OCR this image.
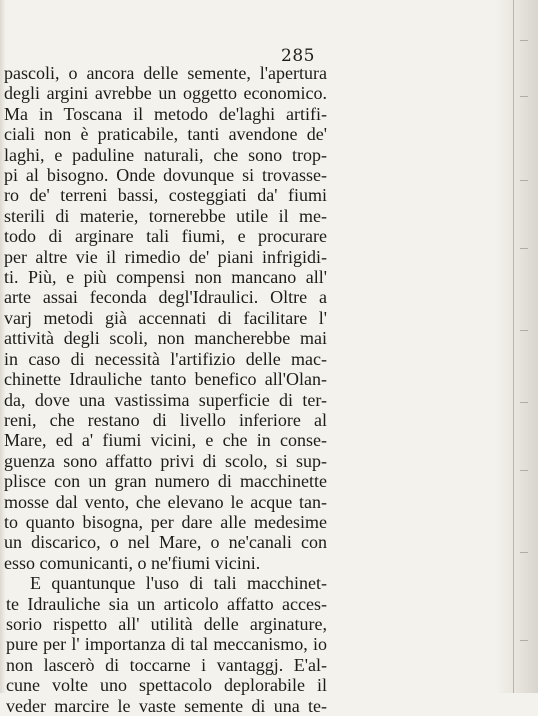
285
pascoli, o ancora delle semente, l'apertura
degli argini avrebbe un oggetto economico.
Ma in Toscana il metodo de'laghi artifi-
ciali non è praticabile, tanti avendone de'
laghi, e paduline naturali, che sono trop-
pi al bisogno. Onde dovunque si trovasse-
ro de' terreni bassi, costeggiati da' fiumi
sterili di materie, tornerebbe utile il me-
todo di arginare tali fiumi, e procurare
per altre vie il rimedio de' piani infrigidi-
ti. Più, e più compensi non mancano all'
arte assai feconda degl'Idraulici. Oltre a
varj metodi già accennati di facilitare l'
attività degli scoli, non mancherebbe mai
in caso di necessità l'artifizio delle mac-
chinette Idrauliche tanto benefico all'Olan-
da, dove una vastissima superficie di ter-
reni, che restano di livello inferiore al
Mare, ed a' fiumi vicini, e che in conse-
guenza sono affatto privi di scolo, si sup-
plisce con un gran numero di macchinette
mosse dal vento, che elevano le acque tan-
to quanto bisogna, per dare alle medesime
un discarico, o nel Mare, o ne'canali con
esso comunicanti, o ne'fiumi vicini.
E quantunque l'uso di tali macchinet-
te Idrauliche sia un articolo affatto acces-
sorio rispetto all' utilità delle arginature,
pure per l' importanza di tal meccanismo, io
non lascerò di toccarne i vantaggj. E'al-
cune volte uno spettacolo deplorabile il
veder marcire le vaste semente di una te-
